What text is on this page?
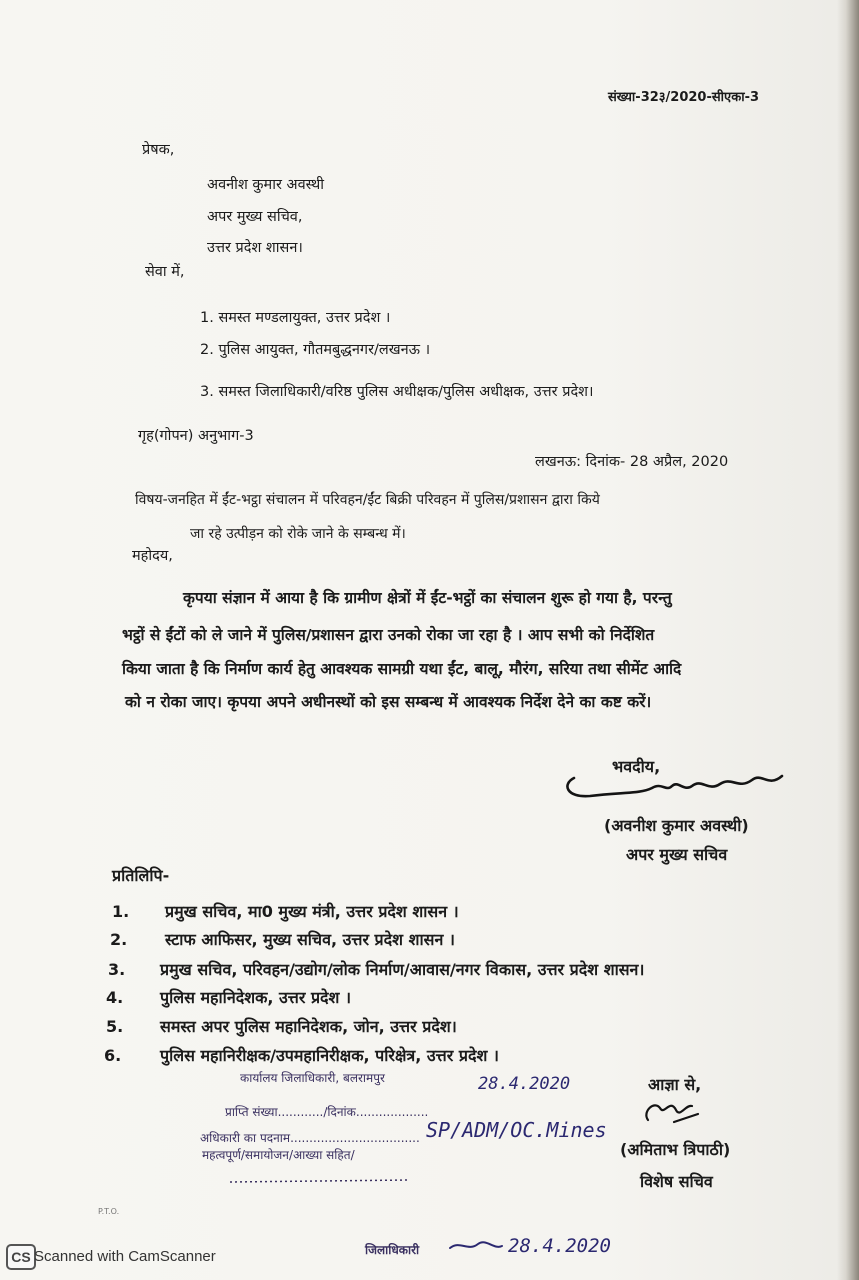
संख्या-32३/2020-सीएका-3
प्रेषक,
अवनीश कुमार अवस्थी
अपर मुख्य सचिव,
उत्तर प्रदेश शासन।
सेवा में,
1. समस्त मण्डलायुक्त, उत्तर प्रदेश ।
2. पुलिस आयुक्त, गौतमबुद्धनगर/लखनऊ ।
3. समस्त जिलाधिकारी/वरिष्ठ पुलिस अधीक्षक/पुलिस अधीक्षक, उत्तर प्रदेश।
गृह(गोपन) अनुभाग-3
लखनऊ: दिनांक- 28 अप्रैल, 2020
विषय-जनहित में ईंट-भट्ठा संचालन में परिवहन/ईंट बिक्री परिवहन में पुलिस/प्रशासन द्वारा किये
जा रहे उत्पीड़न को रोके जाने के सम्बन्ध में।
महोदय,
कृपया संज्ञान में आया है कि ग्रामीण क्षेत्रों में ईंट-भट्ठों का संचालन शुरू हो गया है, परन्तु
भट्ठों से ईंटों को ले जाने में पुलिस/प्रशासन द्वारा उनको रोका जा रहा है । आप सभी को निर्देशित
किया जाता है कि निर्माण कार्य हेतु आवश्यक सामग्री यथा ईंट, बालू, मौरंग, सरिया तथा सीमेंट आदि
को न रोका जाए। कृपया अपने अधीनस्थों को इस सम्बन्ध में आवश्यक निर्देश देने का कष्ट करें।
भवदीय,
(अवनीश कुमार अवस्थी)
अपर मुख्य सचिव
प्रतिलिपि-
1. प्रमुख सचिव, मा0 मुख्य मंत्री, उत्तर प्रदेश शासन ।
2. स्टाफ आफिसर, मुख्य सचिव, उत्तर प्रदेश शासन ।
3. प्रमुख सचिव, परिवहन/उद्योग/लोक निर्माण/आवास/नगर विकास, उत्तर प्रदेश शासन।
4. पुलिस महानिदेशक, उत्तर प्रदेश ।
5. समस्त अपर पुलिस महानिदेशक, जोन, उत्तर प्रदेश।
6. पुलिस महानिरीक्षक/उपमहानिरीक्षक, परिक्षेत्र, उत्तर प्रदेश ।
कार्यालय जिलाधिकारी, बलरामपुर	28.4.2020
प्राप्ति संख्या............/दिनांक...................
अधिकारी का पदनाम..................................
महत्वपूर्ण/समायोजन/आख्या सहित/
SP/ADM/OC.Mines
आज्ञा से,
(अमिताभ त्रिपाठी)
विशेष सचिव
P.T.O.
जिलाधिकारी	28.4.2020
CS Scanned with CamScanner
